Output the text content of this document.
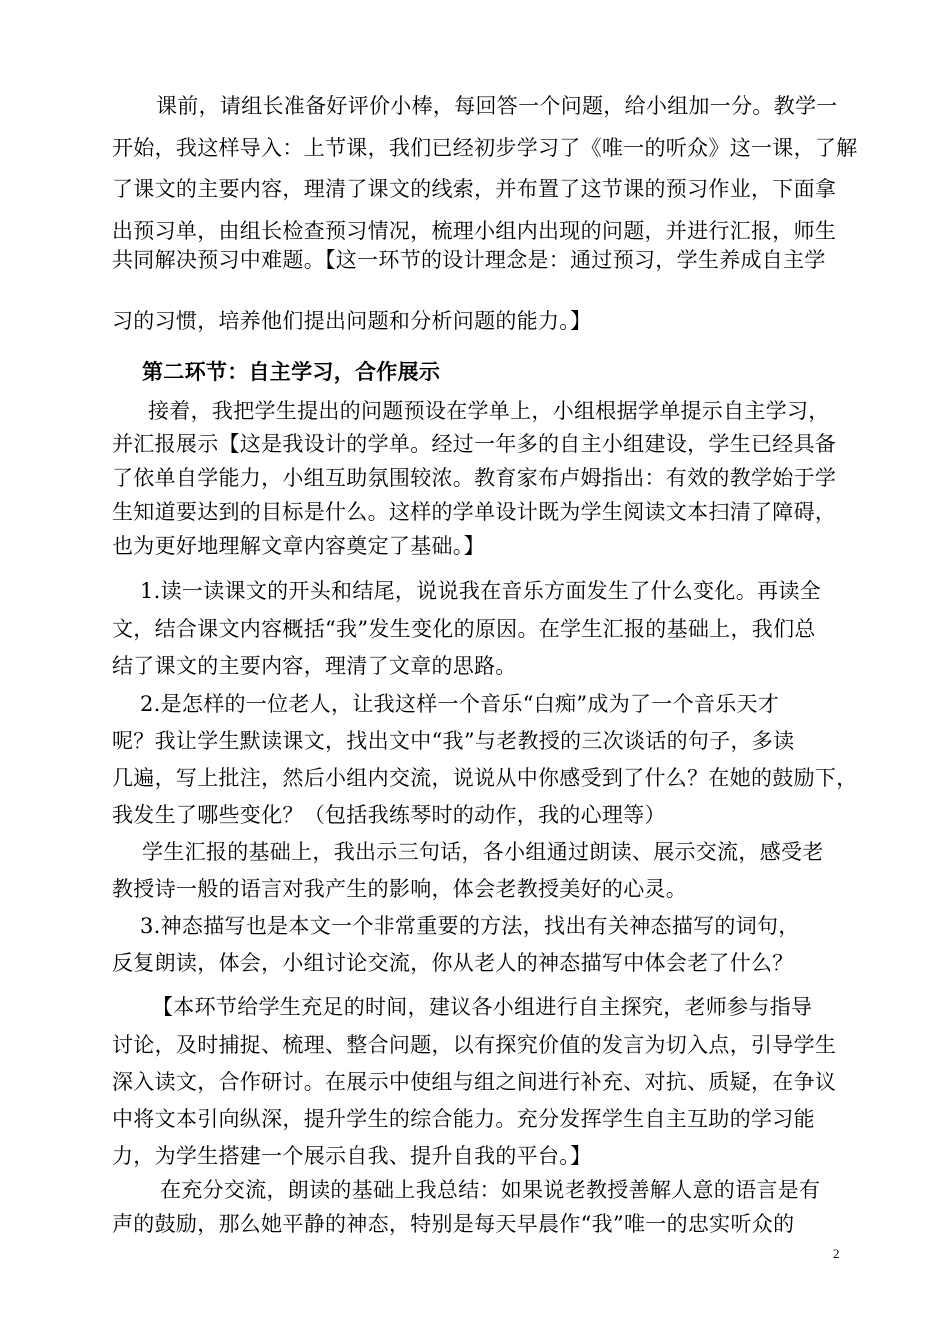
课前，请组长准备好评价小棒，每回答一个问题，给小组加一分。教学一
开始，我这样导入：上节课，我们已经初步学习了《唯一的听众》这一课，了解
了课文的主要内容，理清了课文的线索，并布置了这节课的预习作业，下面拿
出预习单，由组长检查预习情况，梳理小组内出现的问题，并进行汇报，师生
共同解决预习中难题。【这一环节的设计理念是：通过预习，学生养成自主学
习的习惯，培养他们提出问题和分析问题的能力。】
第二环节：自主学习，合作展示
接着，我把学生提出的问题预设在学单上，小组根据学单提示自主学习，
并汇报展示【这是我设计的学单。经过一年多的自主小组建设，学生已经具备
了依单自学能力，小组互助氛围较浓。教育家布卢姆指出：有效的教学始于学
生知道要达到的目标是什么。这样的学单设计既为学生阅读文本扫清了障碍，
也为更好地理解文章内容奠定了基础。】
1.读一读课文的开头和结尾，说说我在音乐方面发生了什么变化。再读全
文，结合课文内容概括“我”发生变化的原因。在学生汇报的基础上，我们总
结了课文的主要内容，理清了文章的思路。
2.是怎样的一位老人，让我这样一个音乐“白痴”成为了一个音乐天才
呢？我让学生默读课文，找出文中“我”与老教授的三次谈话的句子，多读
几遍，写上批注，然后小组内交流，说说从中你感受到了什么？在她的鼓励下，
我发生了哪些变化？（包括我练琴时的动作，我的心理等）
学生汇报的基础上，我出示三句话，各小组通过朗读、展示交流，感受老
教授诗一般的语言对我产生的影响，体会老教授美好的心灵。
3.神态描写也是本文一个非常重要的方法，找出有关神态描写的词句，
反复朗读，体会，小组讨论交流，你从老人的神态描写中体会老了什么？
【本环节给学生充足的时间，建议各小组进行自主探究，老师参与指导
讨论，及时捕捉、梳理、整合问题，以有探究价值的发言为切入点，引导学生
深入读文，合作研讨。在展示中使组与组之间进行补充、对抗、质疑，在争议
中将文本引向纵深，提升学生的综合能力。充分发挥学生自主互助的学习能
力，为学生搭建一个展示自我、提升自我的平台。】
在充分交流，朗读的基础上我总结：如果说老教授善解人意的语言是有
声的鼓励，那么她平静的神态，特别是每天早晨作“我”唯一的忠实听众的
2
